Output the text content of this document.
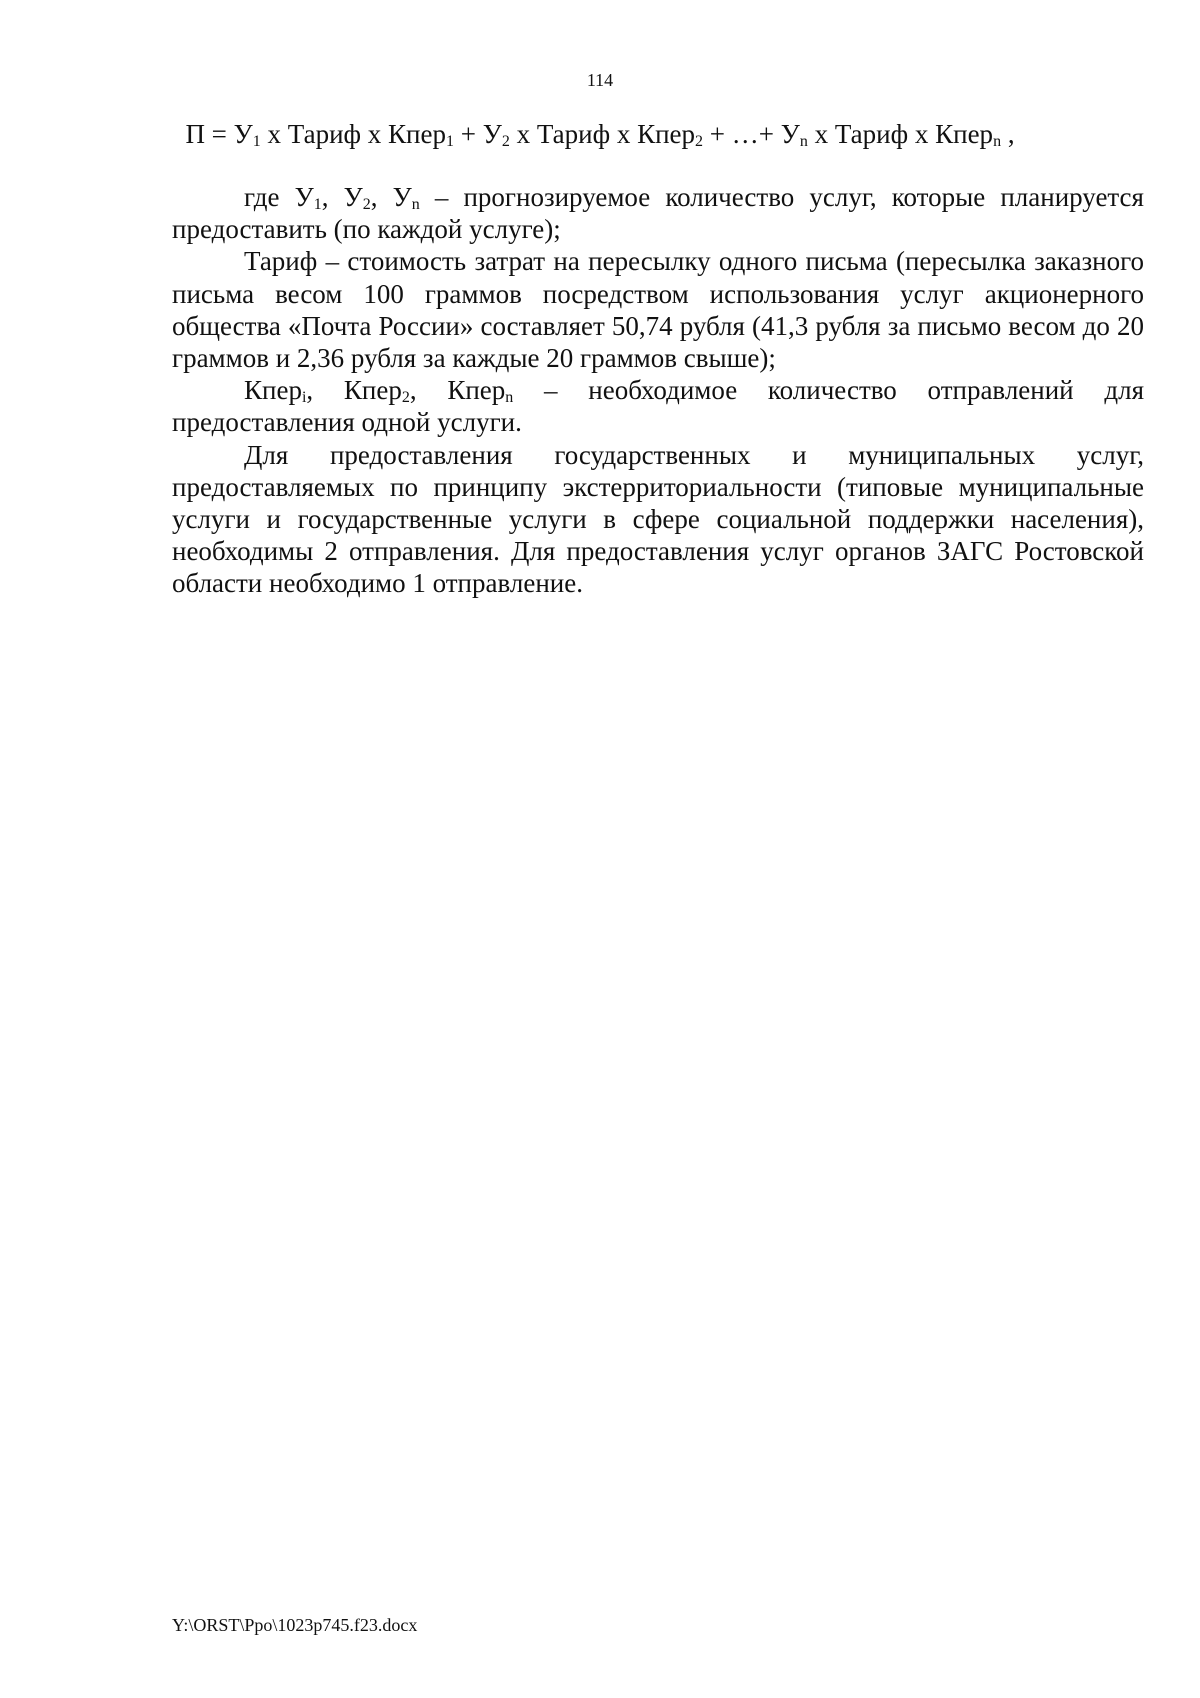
114
$П = У_1$ х Тариф х Кпер$_1$ + $У_2$ х Тариф х Кпер$_2$ + …+ $У_n$ х Тариф х Кпер$_n$ ,

где $У_1$, $У_2$, $У_n$ – прогнозируемое количество услуг, которые планируется предоставить (по каждой услуге);

Тариф – стоимость затрат на пересылку одного письма (пересылка заказного письма весом 100 граммов посредством использования услуг акционерного общества «Почта России» составляет 50,74 рубля (41,3 рубля за письмо весом до 20 граммов и 2,36 рубля за каждые 20 граммов свыше);

Кпер$_i$, Кпер$_2$, Кпер$_n$ – необходимое количество отправлений для предоставления одной услуги.

Для предоставления государственных и муниципальных услуг, предоставляемых по принципу экстерриториальности (типовые муниципальные услуги и государственные услуги в сфере социальной поддержки населения), необходимы 2 отправления. Для предоставления услуг органов ЗАГС Ростовской области необходимо 1 отправление.

Y:\ORST\Ppo\1023p745.f23.docx
